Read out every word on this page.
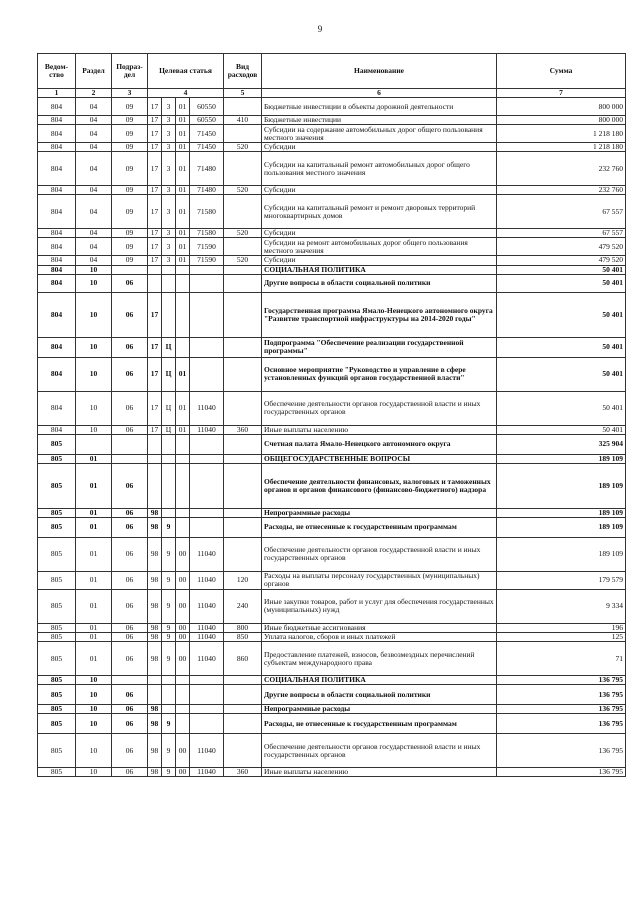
9
Ведом-ство	Раздел	Подраз-дел	Целевая статья				Вид расходов	Наименование	Сумма
1	2	3	4				5	6	7
804	04	09	17	3	01	60550		Бюджетные инвестиции в объекты дорожной деятельности	800 000
804	04	09	17	3	01	60550	410	Бюджетные инвестиции	800 000
804	04	09	17	3	01	71450		Субсидии на содержание автомобильных дорог общего пользования местного значения	1 218 180
804	04	09	17	3	01	71450	520	Субсидии	1 218 180
804	04	09	17	3	01	71480		Субсидии на капитальный ремонт автомобильных дорог общего пользования местного значения	232 760
804	04	09	17	3	01	71480	520	Субсидии	232 760
804	04	09	17	3	01	71580		Субсидии на капитальный ремонт и ремонт дворовых территорий многоквартирных домов	67 557
804	04	09	17	3	01	71580	520	Субсидии	67 557
804	04	09	17	3	01	71590		Субсидии на ремонт автомобильных дорог общего пользования местного значения	479 520
804	04	09	17	3	01	71590	520	Субсидии	479 520
804	10							СОЦИАЛЬНАЯ ПОЛИТИКА	50 401
804	10	06						Другие вопросы в области социальной политики	50 401
804	10	06	17					Государственная программа Ямало-Ненецкого автономного округа "Развитие транспортной инфраструктуры на 2014-2020 годы"	50 401
804	10	06	17	Ц				Подпрограмма "Обеспечение реализации государственной программы"	50 401
804	10	06	17	Ц	01			Основное мероприятие "Руководство и управление в сфере установленных функций органов государственной власти"	50 401
804	10	06	17	Ц	01	11040		Обеспечение деятельности органов государственной власти и иных государственных органов	50 401
804	10	06	17	Ц	01	11040	360	Иные выплаты населению	50 401
805								Счетная палата Ямало-Ненецкого автономного округа	325 904
805	01							ОБЩЕГОСУДАРСТВЕННЫЕ ВОПРОСЫ	189 109
805	01	06						Обеспечение деятельности финансовых, налоговых и таможенных органов и органов финансового (финансово-бюджетного) надзора	189 109
805	01	06	98					Непрограммные расходы	189 109
805	01	06	98	9				Расходы, не отнесенные к государственным программам	189 109
805	01	06	98	9	00	11040		Обеспечение деятельности органов государственной власти и иных государственных органов	189 109
805	01	06	98	9	00	11040	120	Расходы на выплаты персоналу государственных (муниципальных) органов	179 579
805	01	06	98	9	00	11040	240	Иные закупки товаров, работ и услуг для обеспечения государственных (муниципальных) нужд	9 334
805	01	06	98	9	00	11040	800	Иные бюджетные ассигнования	196
805	01	06	98	9	00	11040	850	Уплата налогов, сборов и иных платежей	125
805	01	06	98	9	00	11040	860	Предоставление платежей, взносов, безвозмездных перечислений субъектам международного права	71
805	10							СОЦИАЛЬНАЯ ПОЛИТИКА	136 795
805	10	06						Другие вопросы в области социальной политики	136 795
805	10	06	98					Непрограммные расходы	136 795
805	10	06	98	9				Расходы, не отнесенные к государственным программам	136 795
805	10	06	98	9	00	11040		Обеспечение деятельности органов государственной власти и иных государственных органов	136 795
805	10	06	98	9	00	11040	360	Иные выплаты населению	136 795
